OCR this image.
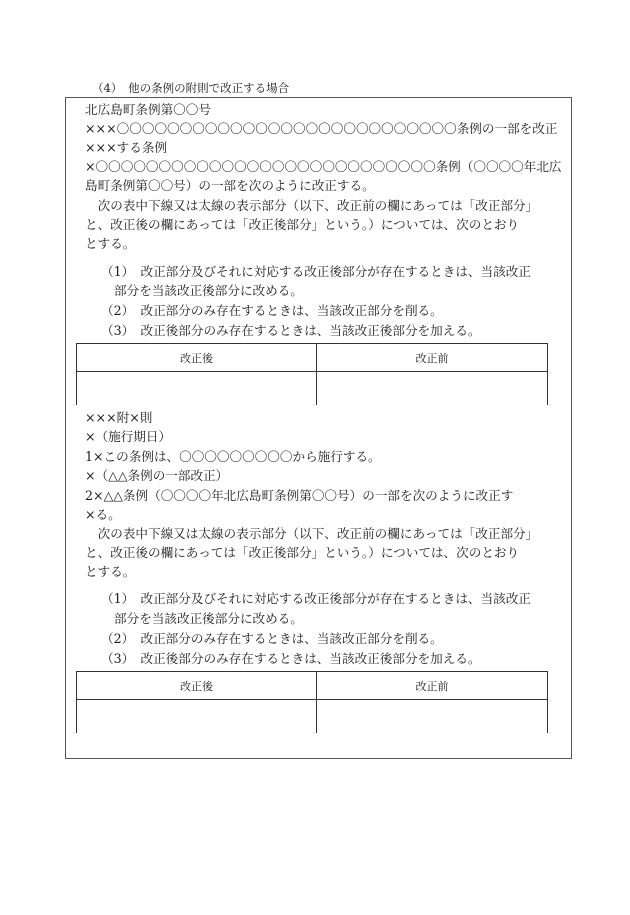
（4）　他の条例の附則で改正する場合
北広島町条例第〇〇号
×××〇〇〇〇〇〇〇〇〇〇〇〇〇〇〇〇〇〇〇〇〇〇〇〇〇〇〇条例の一部を改正
×××する条例
×〇〇〇〇〇〇〇〇〇〇〇〇〇〇〇〇〇〇〇〇〇〇〇〇〇〇〇条例（〇〇〇〇年北広
島町条例第〇〇号）の一部を次のように改正する。
　次の表中下線又は太線の表示部分（以下、改正前の欄にあっては「改正部分」
と、改正後の欄にあっては「改正後部分」という。）については、次のとおり
とする。
（1）　改正部分及びそれに対応する改正後部分が存在するときは、当該改正
部分を当該改正後部分に改める。
（2）　改正部分のみ存在するときは、当該改正部分を削る。
（3）　改正後部分のみ存在するときは、当該改正後部分を加える。
改正後	改正前
×××附×則
×（施行期日）
1×この条例は、〇〇〇〇〇〇〇〇〇から施行する。
×（△△条例の一部改正）
2×△△条例（〇〇〇〇年北広島町条例第〇〇号）の一部を次のように改正す
×る。
　次の表中下線又は太線の表示部分（以下、改正前の欄にあっては「改正部分」
と、改正後の欄にあっては「改正後部分」という。）については、次のとおり
とする。
（1）　改正部分及びそれに対応する改正後部分が存在するときは、当該改正
部分を当該改正後部分に改める。
（2）　改正部分のみ存在するときは、当該改正部分を削る。
（3）　改正後部分のみ存在するときは、当該改正後部分を加える。
改正後	改正前
